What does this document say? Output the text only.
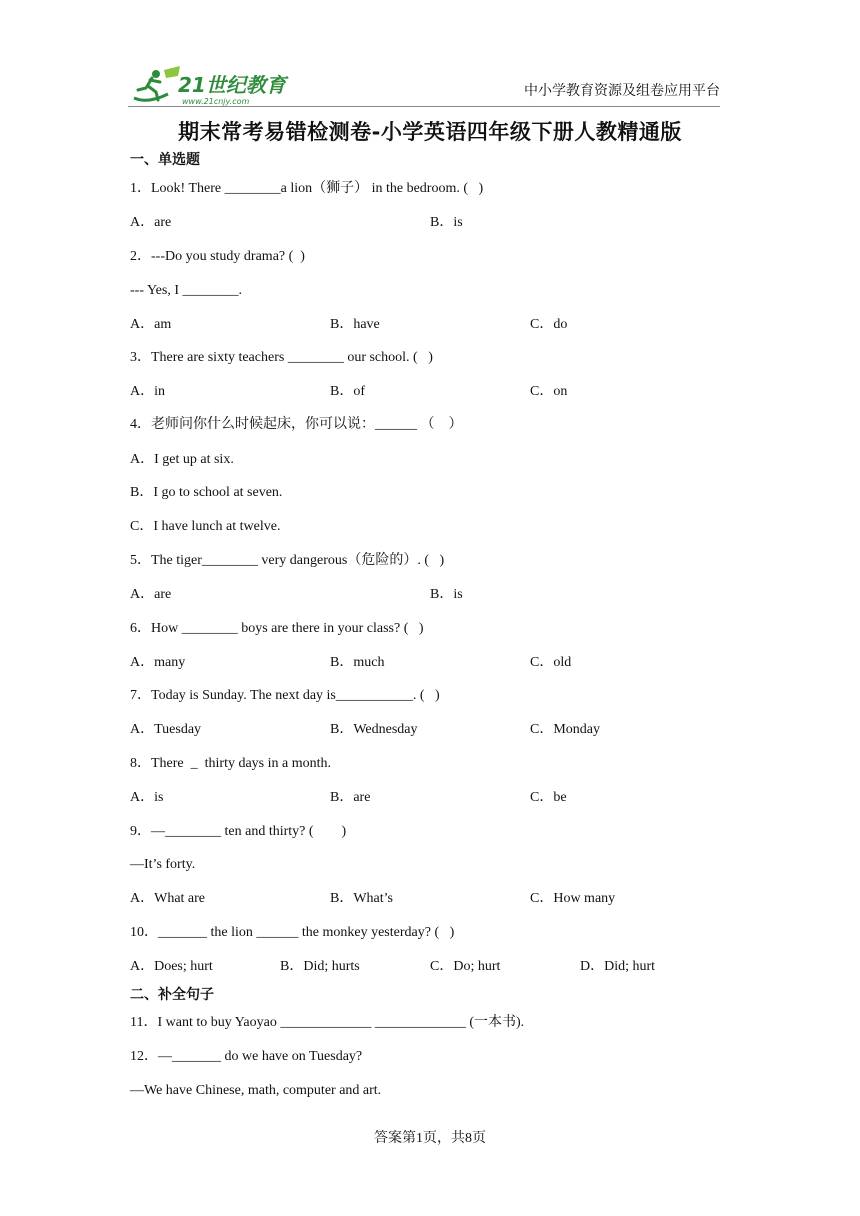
21世纪教育
www.21cnjy.com
中小学教育资源及组卷应用平台
期末常考易错检测卷-小学英语四年级下册人教精通版
一、单选题
1．Look! There ________a lion（狮子） in the bedroom. (   )
A．are	B．is
2．---Do you study drama? (  )
--- Yes, I ________.
A．am	B．have	C．do
3．There are sixty teachers ________ our school. (   )
A．in	B．of	C．on
4．老师问你什么时候起床，你可以说：______ （    ）
A．I get up at six.
B．I go to school at seven.
C．I have lunch at twelve.
5．The tiger________ very dangerous（危险的）. (   )
A．are	B．is
6．How ________ boys are there in your class? (   )
A．many	B．much	C．old
7．Today is Sunday. The next day is___________. (   )
A．Tuesday	B．Wednesday	C．Monday
8．There  _  thirty days in a month.
A．is	B．are	C．be
9．—________ ten and thirty? (        )
—It’s forty.
A．What are	B．What’s	C．How many
10．_______ the lion ______ the monkey yesterday? (   )
A．Does; hurt	B．Did; hurts	C．Do; hurt	D．Did; hurt
二、补全句子
11．I want to buy Yaoyao _____________ _____________ (一本书).
12．—_______ do we have on Tuesday?
—We have Chinese, math, computer and art.
答案第1页，共8页
